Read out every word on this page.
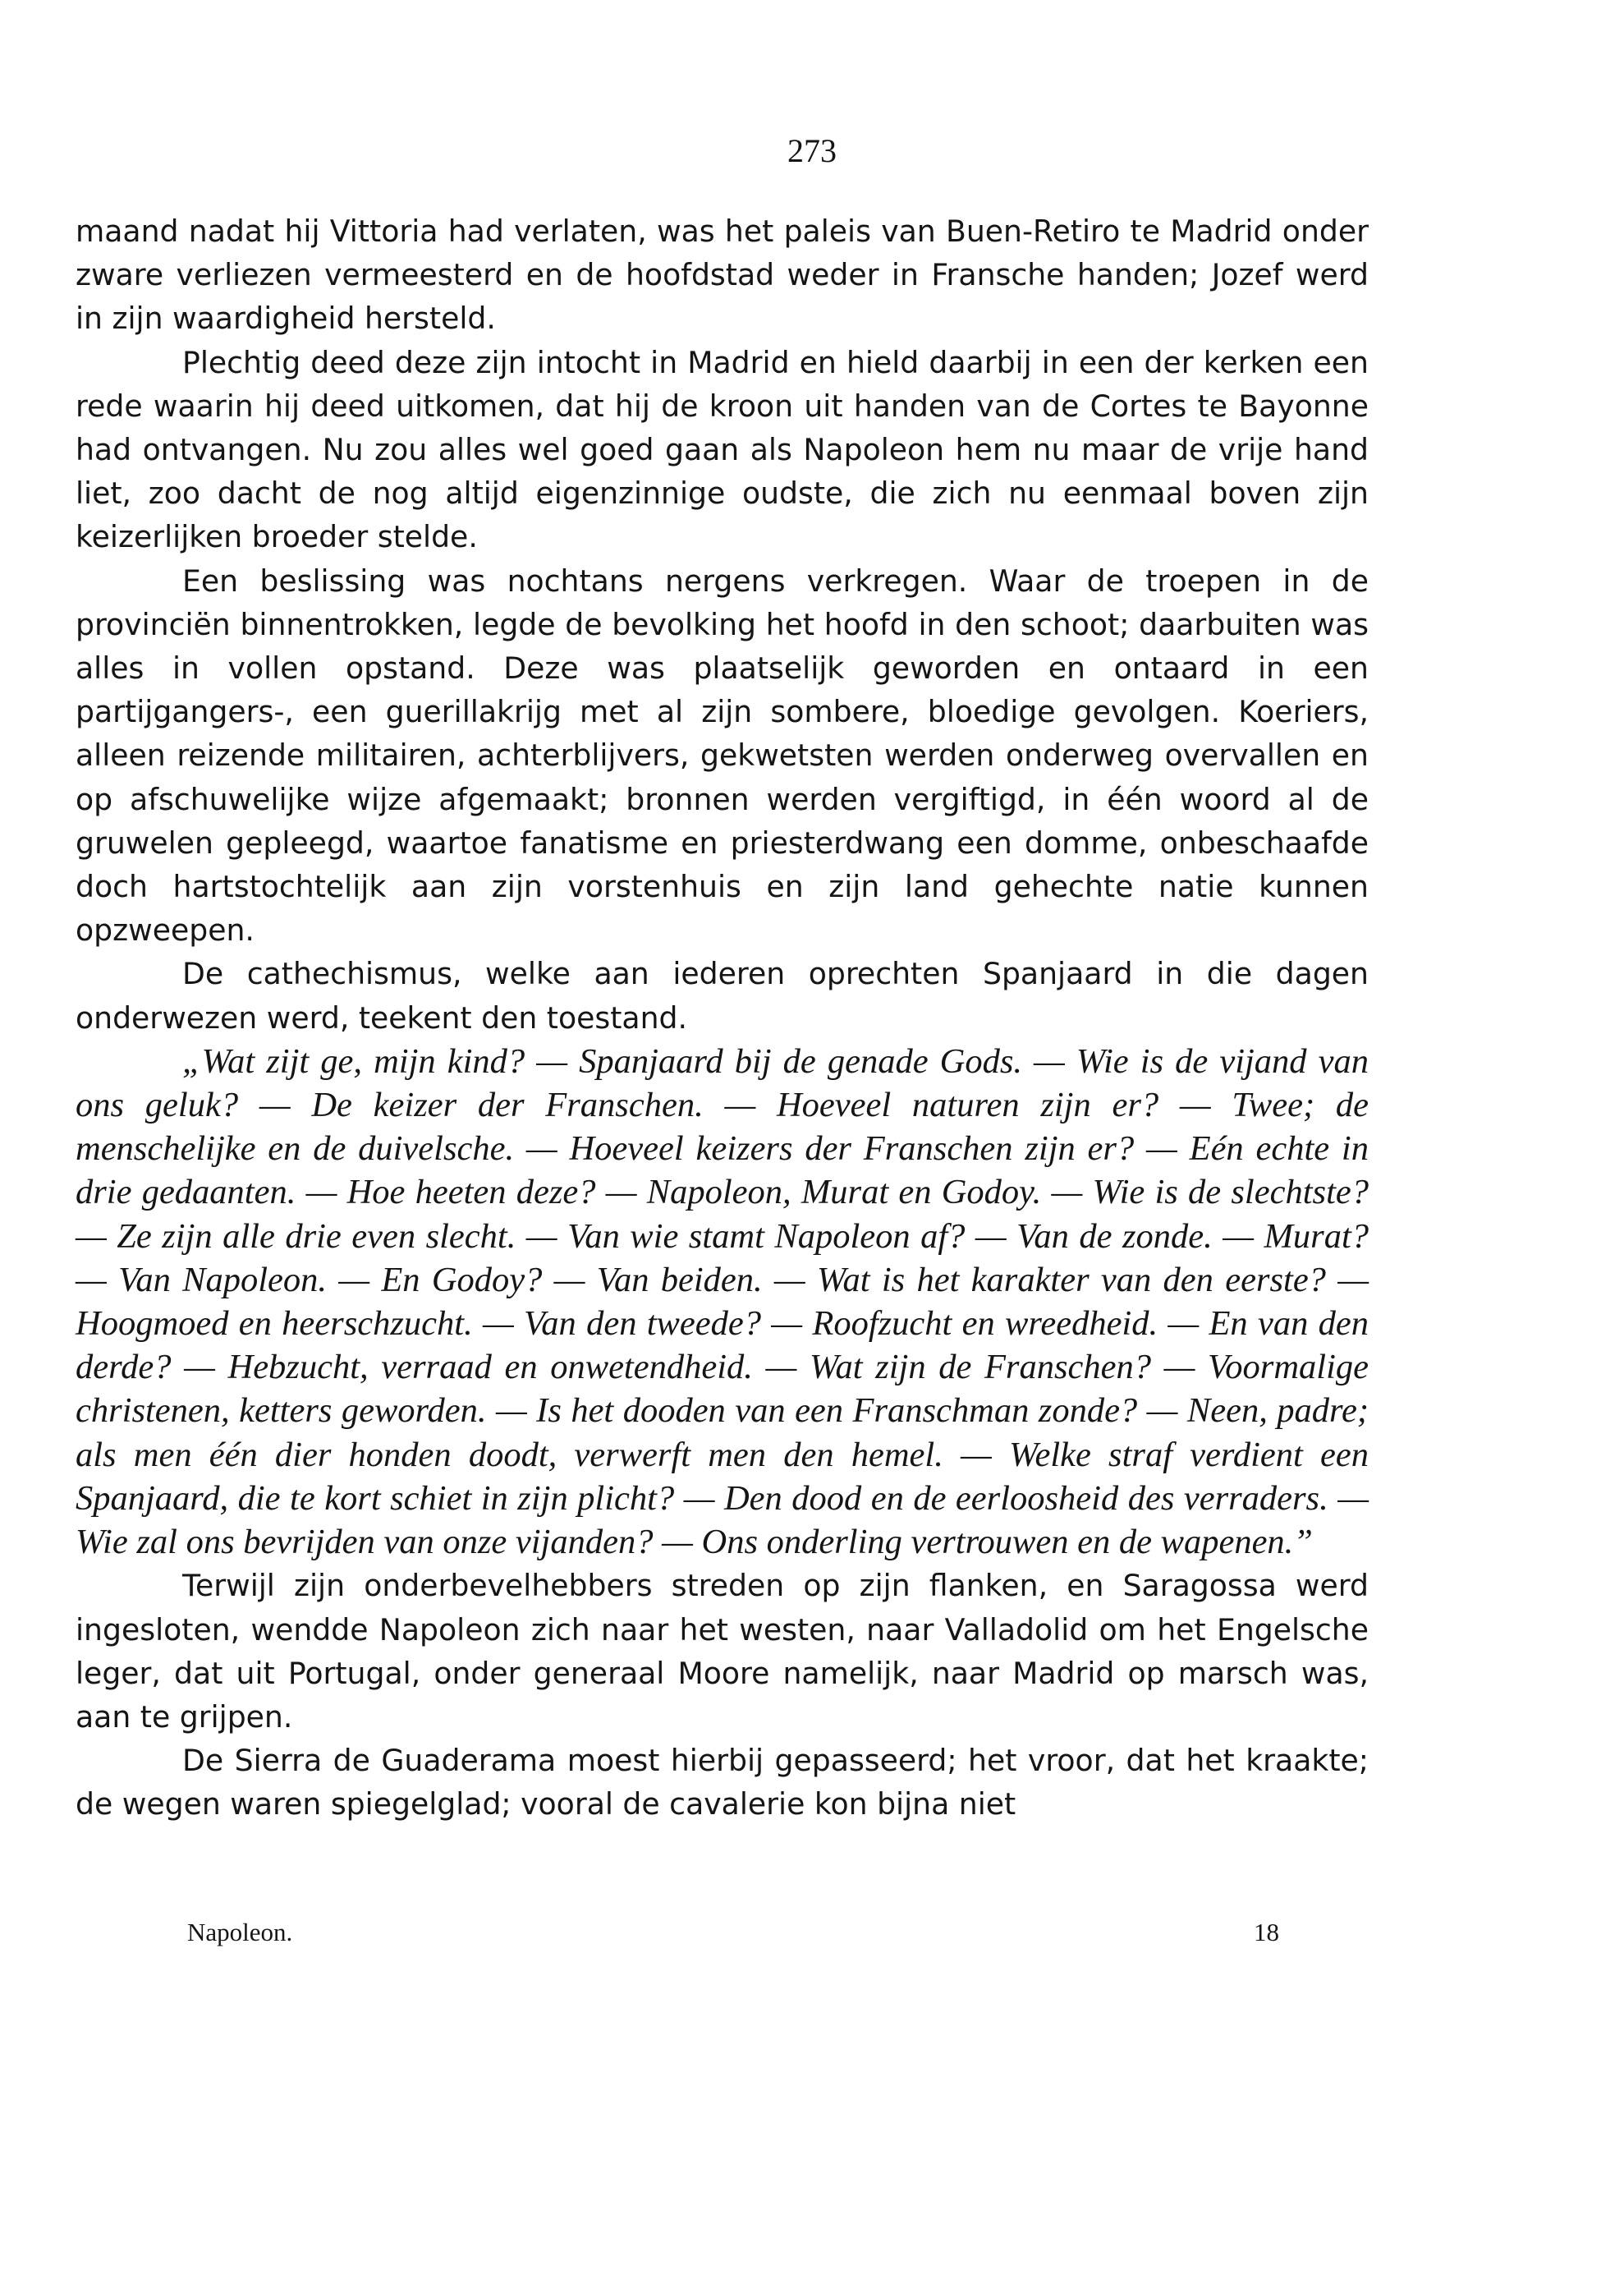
273

maand nadat hij Vittoria had verlaten, was het paleis van Buen-Retiro te Madrid onder zware verliezen vermeesterd en de hoofdstad weder in Fransche handen; Jozef werd in zijn waardigheid hersteld.

Plechtig deed deze zijn intocht in Madrid en hield daarbij in een der kerken een rede waarin hij deed uitkomen, dat hij de kroon uit handen van de Cortes te Bayonne had ontvangen. Nu zou alles wel goed gaan als Napoleon hem nu maar de vrije hand liet, zoo dacht de nog altijd eigenzinnige oudste, die zich nu eenmaal boven zijn keizerlijken broeder stelde.

Een beslissing was nochtans nergens verkregen. Waar de troepen in de provinciën binnentrokken, legde de bevolking het hoofd in den schoot; daarbuiten was alles in vollen opstand. Deze was plaatselijk geworden en ontaard in een partijgangers-, een guerillakrijg met al zijn sombere, bloedige gevolgen. Koeriers, alleen reizende militairen, achterblijvers, gekwetsten werden onderweg overvallen en op afschuwelijke wijze afgemaakt; bronnen werden vergiftigd, in één woord al de gruwelen gepleegd, waartoe fanatisme en priesterdwang een domme, onbeschaafde doch hartstochtelijk aan zijn vorstenhuis en zijn land gehechte natie kunnen opzweepen.

De cathechismus, welke aan iederen oprechten Spanjaard in die dagen onderwezen werd, teekent den toestand.

„Wat zijt ge, mijn kind? — Spanjaard bij de genade Gods. — Wie is de vijand van ons geluk? — De keizer der Franschen. — Hoeveel naturen zijn er? — Twee; de menschelijke en de duivelsche. — Hoeveel keizers der Franschen zijn er? — Eén echte in drie gedaanten. — Hoe heeten deze? — Napoleon, Murat en Godoy. — Wie is de slechtste? — Ze zijn alle drie even slecht. — Van wie stamt Napoleon af? — Van de zonde. — Murat? — Van Napoleon. — En Godoy? — Van beiden. — Wat is het karakter van den eerste? — Hoogmoed en heerschzucht. — Van den tweede? — Roofzucht en wreedheid. — En van den derde? — Hebzucht, verraad en onwetendheid. — Wat zijn de Franschen? — Voormalige christenen, ketters geworden. — Is het dooden van een Franschman zonde? — Neen, padre; als men één dier honden doodt, verwerft men den hemel. — Welke straf verdient een Spanjaard, die te kort schiet in zijn plicht? — Den dood en de eerloosheid des verraders. — Wie zal ons bevrijden van onze vijanden? — Ons onderling vertrouwen en de wapenen.”

Terwijl zijn onderbevelhebbers streden op zijn flanken, en Saragossa werd ingesloten, wendde Napoleon zich naar het westen, naar Valladolid om het Engelsche leger, dat uit Portugal, onder generaal Moore namelijk, naar Madrid op marsch was, aan te grijpen.

De Sierra de Guaderama moest hierbij gepasseerd; het vroor, dat het kraakte; de wegen waren spiegelglad; vooral de cavalerie kon bijna niet

Napoleon.	18
